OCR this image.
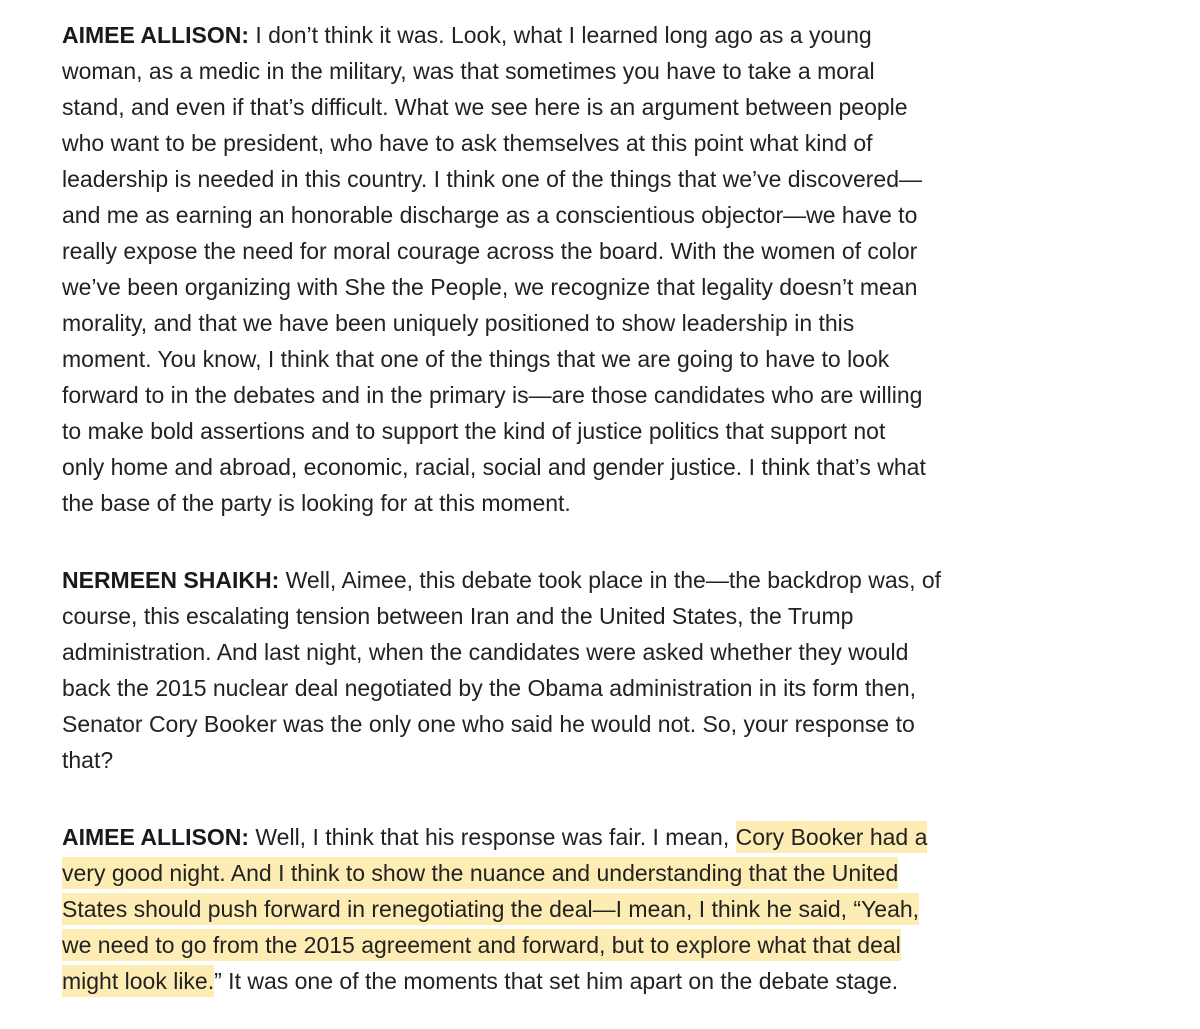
AIMEE ALLISON: I don’t think it was. Look, what I learned long ago as a young
woman, as a medic in the military, was that sometimes you have to take a moral
stand, and even if that’s difficult. What we see here is an argument between people
who want to be president, who have to ask themselves at this point what kind of
leadership is needed in this country. I think one of the things that we’ve discovered—
and me as earning an honorable discharge as a conscientious objector—we have to
really expose the need for moral courage across the board. With the women of color
we’ve been organizing with She the People, we recognize that legality doesn’t mean
morality, and that we have been uniquely positioned to show leadership in this
moment. You know, I think that one of the things that we are going to have to look
forward to in the debates and in the primary is—are those candidates who are willing
to make bold assertions and to support the kind of justice politics that support not
only home and abroad, economic, racial, social and gender justice. I think that’s what
the base of the party is looking for at this moment.

NERMEEN SHAIKH: Well, Aimee, this debate took place in the—the backdrop was, of
course, this escalating tension between Iran and the United States, the Trump
administration. And last night, when the candidates were asked whether they would
back the 2015 nuclear deal negotiated by the Obama administration in its form then,
Senator Cory Booker was the only one who said he would not. So, your response to
that?

AIMEE ALLISON: Well, I think that his response was fair. I mean, Cory Booker had a
very good night. And I think to show the nuance and understanding that the United
States should push forward in renegotiating the deal—I mean, I think he said, “Yeah,
we need to go from the 2015 agreement and forward, but to explore what that deal
might look like.” It was one of the moments that set him apart on the debate stage.
